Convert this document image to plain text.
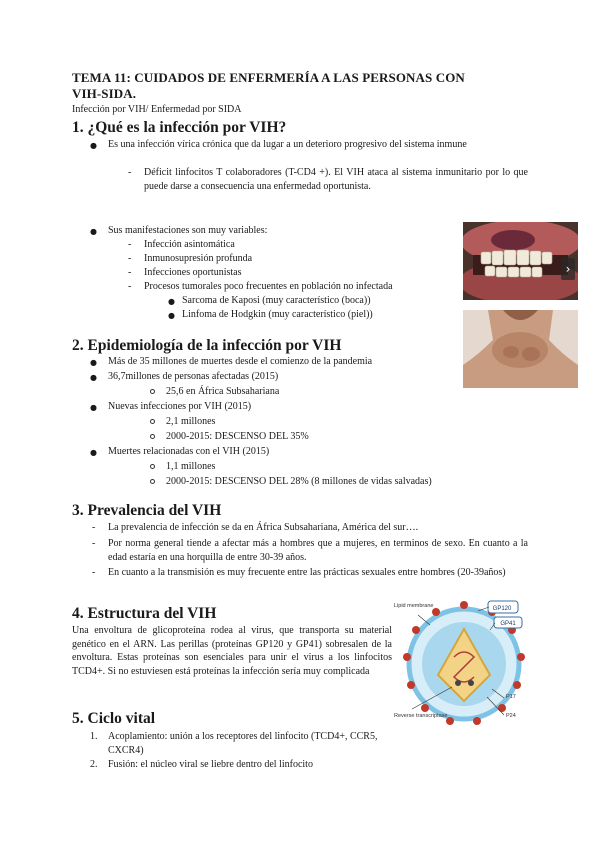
TEMA 11: CUIDADOS DE ENFERMERÍA A LAS PERSONAS CON VIH-SIDA.
Infección por VIH/ Enfermedad por SIDA
1. ¿Qué es la infección por VIH?
● Es una infección vírica crónica que da lugar a un deterioro progresivo del sistema inmune
- Déficit linfocitos T colaboradores (T-CD4 +). El VIH ataca al sistema inmunitario por lo que puede darse a consecuencia una enfermedad oportunista.
● Sus manifestaciones son muy variables:
- Infección asintomática
- Inmunosupresión profunda
- Infecciones oportunistas
- Procesos tumorales poco frecuentes en población no infectada
● Sarcoma de Kaposi (muy característico (boca))
● Linfoma de Hodgkin (muy característico (piel))
›
2. Epidemiología de la infección por VIH
● Más de 35 millones de muertes desde el comienzo de la pandemia
● 36,7millones de personas afectadas (2015)
25,6 en África Subsahariana
● Nuevas infecciones por VIH (2015)
2,1 millones
2000-2015: DESCENSO DEL 35%
● Muertes relacionadas con el VIH (2015)
1,1 millones
2000-2015: DESCENSO DEL 28% (8 millones de vidas salvadas)
3. Prevalencia del VIH
- La prevalencia de infección se da en África Subsahariana, América del sur….
- Por norma general tiende a afectar más a hombres que a mujeres, en terminos de sexo. En cuanto a la edad estaría en una horquilla de entre 30-39 años.
- En cuanto a la transmisión es muy frecuente entre las prácticas sexuales entre hombres (20-39años)
4. Estructura del VIH
Una envoltura de glicoproteína rodea al virus, que transporta su material genético en el ARN. Las perillas (proteínas GP120 y GP41) sobresalen de la envoltura. Estas proteínas son esenciales para unir el virus a los linfocitos TCD4+. Si no estuviesen está proteínas la infección sería muy complicada
GP120
GP41
Lipid membrane
P17
P24
Reverse transcriptase
5. Ciclo vital
1. Acoplamiento: unión a los receptores del linfocito (TCD4+, CCR5, CXCR4)
2. Fusión: el núcleo viral se liebre dentro del linfocito
